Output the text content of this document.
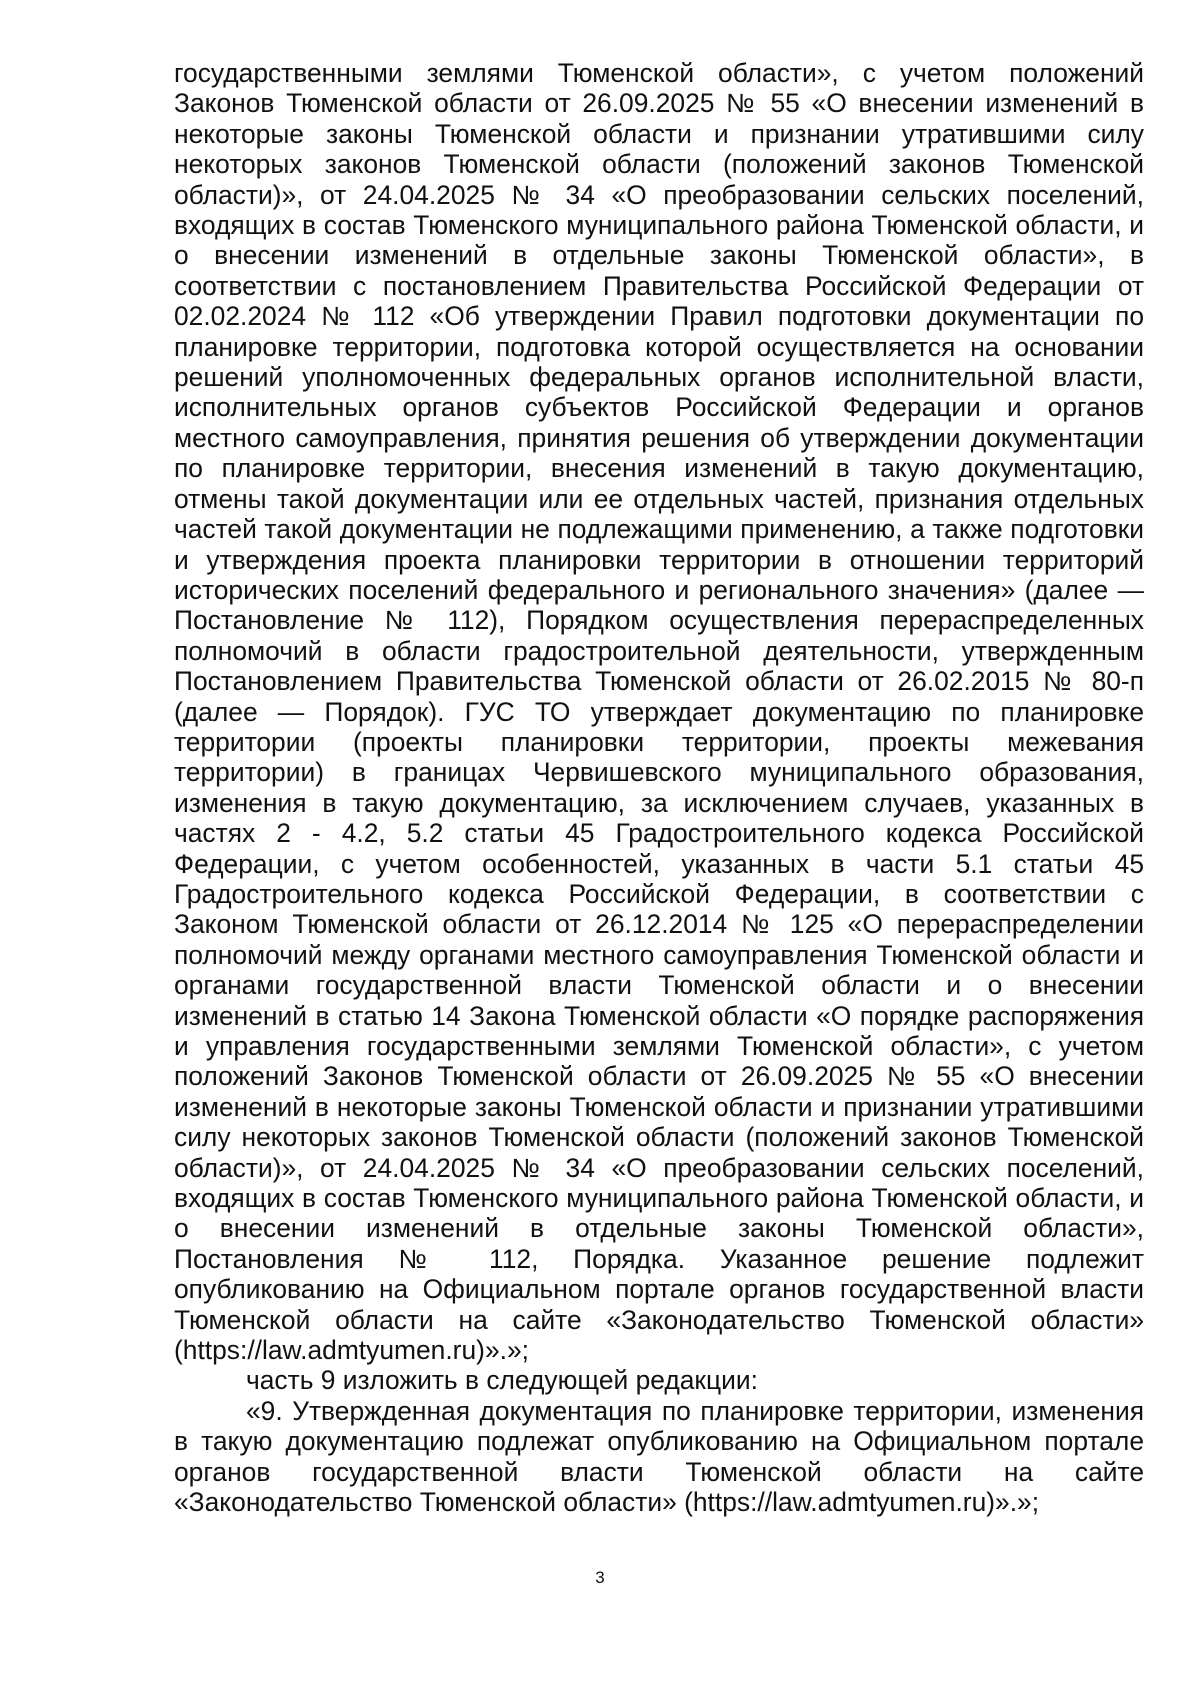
государственными землями Тюменской области», с учетом положений Законов Тюменской области от 26.09.2025 № 55 «О внесении изменений в некоторые законы Тюменской области и признании утратившими силу некоторых законов Тюменской области (положений законов Тюменской области)», от 24.04.2025 № 34 «О преобразовании сельских поселений, входящих в состав Тюменского муниципального района Тюменской области, и о внесении изменений в отдельные законы Тюменской области», в соответствии с постановлением Правительства Российской Федерации от 02.02.2024 № 112 «Об утверждении Правил подготовки документации по планировке территории, подготовка которой осуществляется на основании решений уполномоченных федеральных органов исполнительной власти, исполнительных органов субъектов Российской Федерации и органов местного самоуправления, принятия решения об утверждении документации по планировке территории, внесения изменений в такую документацию, отмены такой документации или ее отдельных частей, признания отдельных частей такой документации не подлежащими применению, а также подготовки и утверждения проекта планировки территории в отношении территорий исторических поселений федерального и регионального значения» (далее — Постановление № 112), Порядком осуществления перераспределенных полномочий в области градостроительной деятельности, утвержденным Постановлением Правительства Тюменской области от 26.02.2015 № 80-п (далее — Порядок). ГУС ТО утверждает документацию по планировке территории (проекты планировки территории, проекты межевания территории) в границах Червишевского муниципального образования, изменения в такую документацию, за исключением случаев, указанных в частях 2 - 4.2, 5.2 статьи 45 Градостроительного кодекса Российской Федерации, с учетом особенностей, указанных в части 5.1 статьи 45 Градостроительного кодекса Российской Федерации, в соответствии с Законом Тюменской области от 26.12.2014 № 125 «О перераспределении полномочий между органами местного самоуправления Тюменской области и органами государственной власти Тюменской области и о внесении изменений в статью 14 Закона Тюменской области «О порядке распоряжения и управления государственными землями Тюменской области», с учетом положений Законов Тюменской области от 26.09.2025 № 55 «О внесении изменений в некоторые законы Тюменской области и признании утратившими силу некоторых законов Тюменской области (положений законов Тюменской области)», от 24.04.2025 № 34 «О преобразовании сельских поселений, входящих в состав Тюменского муниципального района Тюменской области, и о внесении изменений в отдельные законы Тюменской области», Постановления № 112, Порядка. Указанное решение подлежит опубликованию на Официальном портале органов государственной власти Тюменской области на сайте «Законодательство Тюменской области» (https://law.admtyumen.ru)».»;

часть 9 изложить в следующей редакции:

«9. Утвержденная документация по планировке территории, изменения в такую документацию подлежат опубликованию на Официальном портале органов государственной власти Тюменской области на сайте «Законодательство Тюменской области» (https://law.admtyumen.ru)».»;

3
